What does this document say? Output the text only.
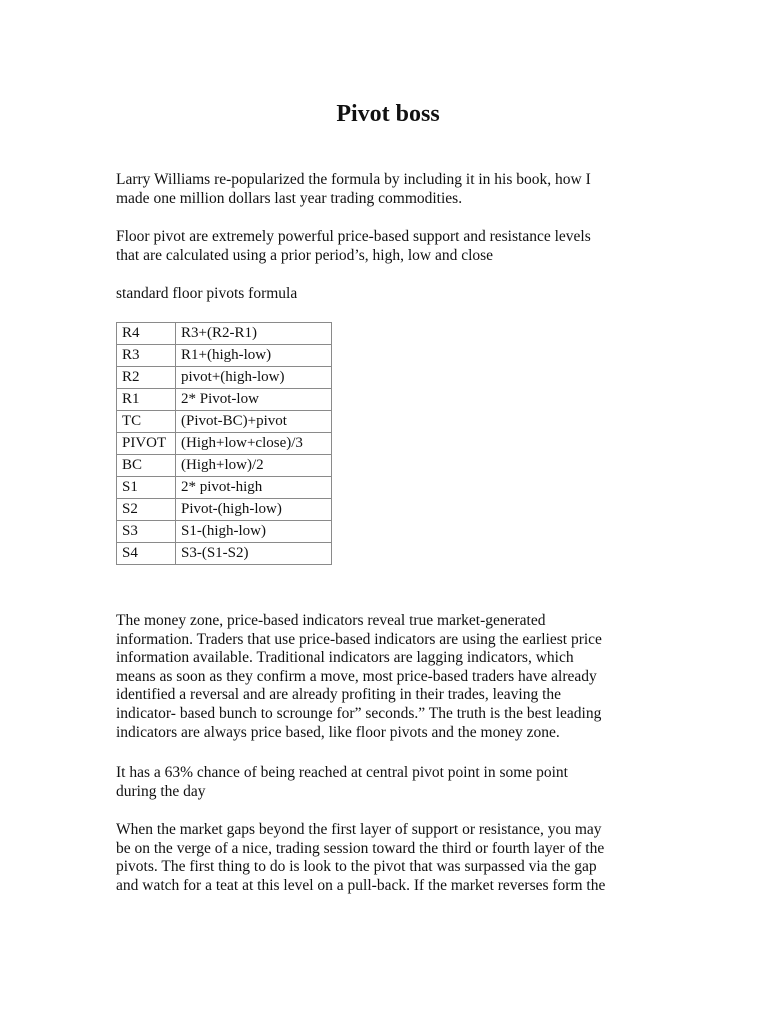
Pivot boss

Larry Williams re-popularized the formula by including it in his book, how I
made one million dollars last year trading commodities.

Floor pivot are extremely powerful price-based support and resistance levels
that are calculated using a prior period’s, high, low and close

standard floor pivots formula

R4	R3+(R2-R1)
R3	R1+(high-low)
R2	pivot+(high-low)
R1	2* Pivot-low
TC	(Pivot-BC)+pivot
PIVOT	(High+low+close)/3
BC	(High+low)/2
S1	2* pivot-high
S2	Pivot-(high-low)
S3	S1-(high-low)
S4	S3-(S1-S2)

The money zone, price-based indicators reveal true market-generated
information. Traders that use price-based indicators are using the earliest price
information available. Traditional indicators are lagging indicators, which
means as soon as they confirm a move, most price-based traders have already
identified a reversal and are already profiting in their trades, leaving the
indicator- based bunch to scrounge for” seconds.” The truth is the best leading
indicators are always price based, like floor pivots and the money zone.

It has a 63% chance of being reached at central pivot point in some point
during the day

When the market gaps beyond the first layer of support or resistance, you may
be on the verge of a nice, trading session toward the third or fourth layer of the
pivots. The first thing to do is look to the pivot that was surpassed via the gap
and watch for a teat at this level on a pull-back. If the market reverses form the
